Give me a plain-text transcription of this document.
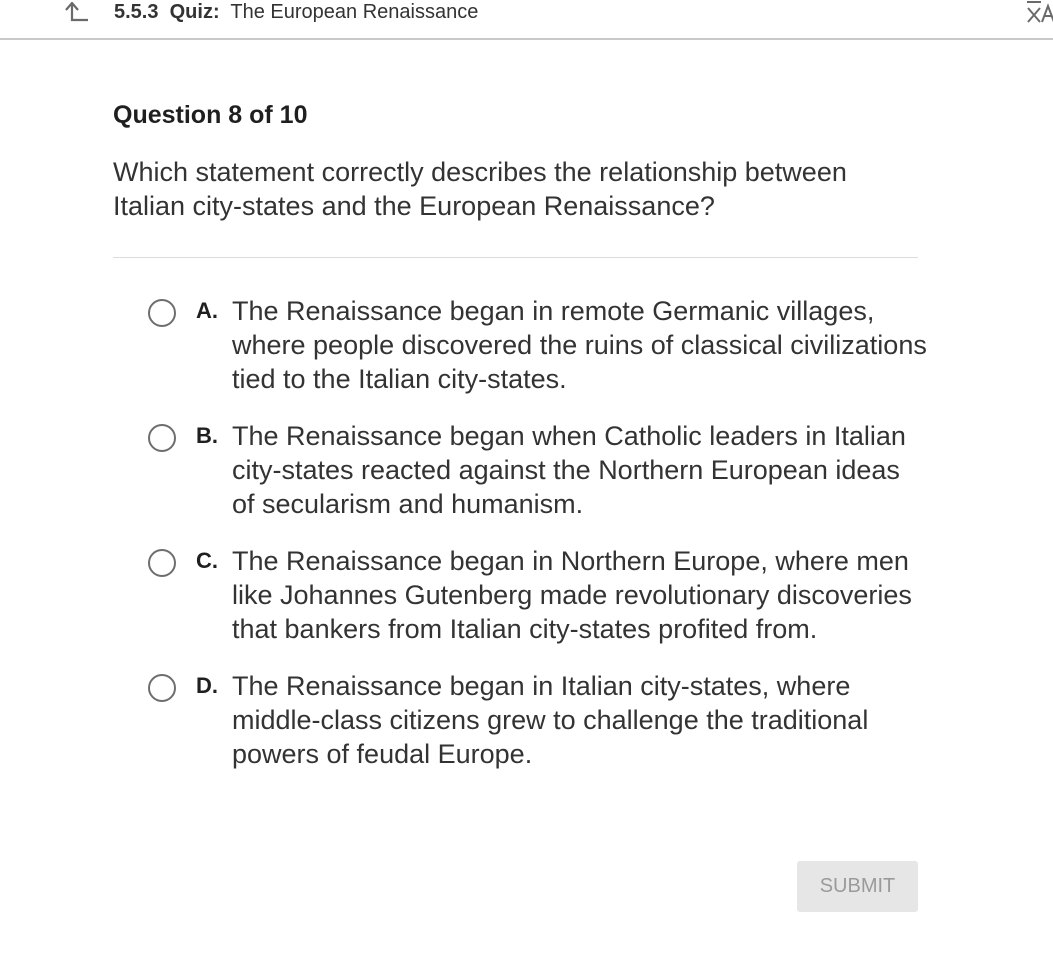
5.5.3 Quiz: The European Renaissance
Question 8 of 10
Which statement correctly describes the relationship between Italian city-states and the European Renaissance?
A. The Renaissance began in remote Germanic villages, where people discovered the ruins of classical civilizations tied to the Italian city-states.
B. The Renaissance began when Catholic leaders in Italian city-states reacted against the Northern European ideas of secularism and humanism.
C. The Renaissance began in Northern Europe, where men like Johannes Gutenberg made revolutionary discoveries that bankers from Italian city-states profited from.
D. The Renaissance began in Italian city-states, where middle-class citizens grew to challenge the traditional powers of feudal Europe.
SUBMIT
